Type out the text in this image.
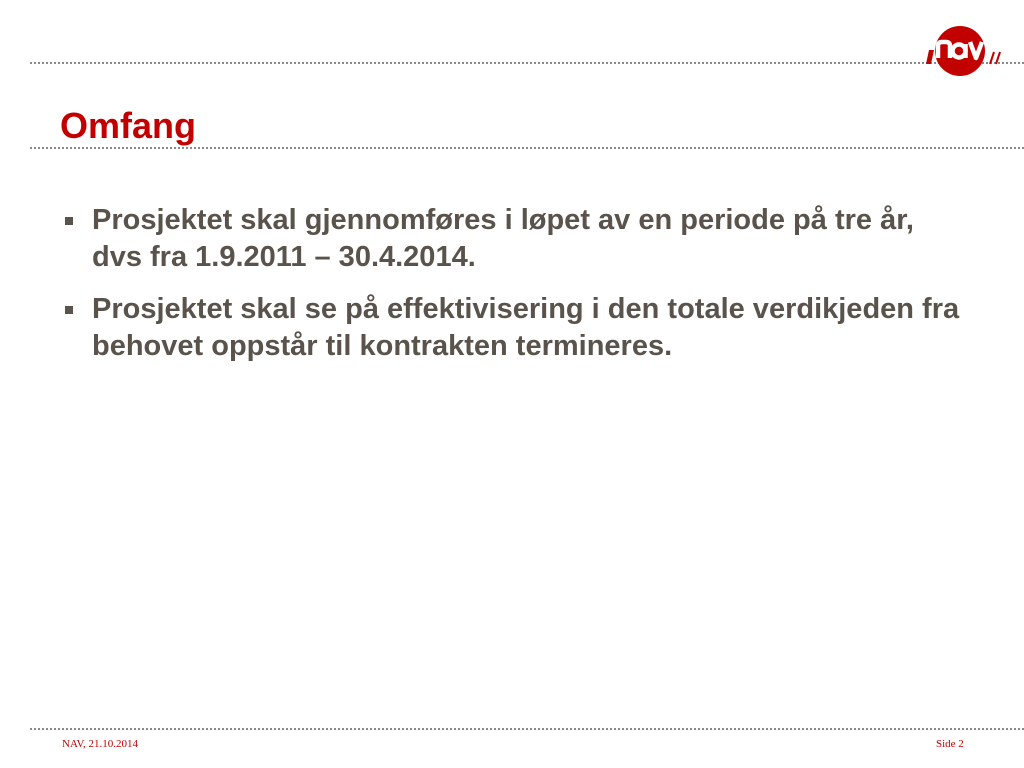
Omfang
Prosjektet skal gjennomføres i løpet av en periode på tre år, dvs fra 1.9.2011 – 30.4.2014.
Prosjektet skal se på effektivisering i den totale verdikjeden fra behovet oppstår til kontrakten termineres.
NAV, 21.10.2014	Side 2
